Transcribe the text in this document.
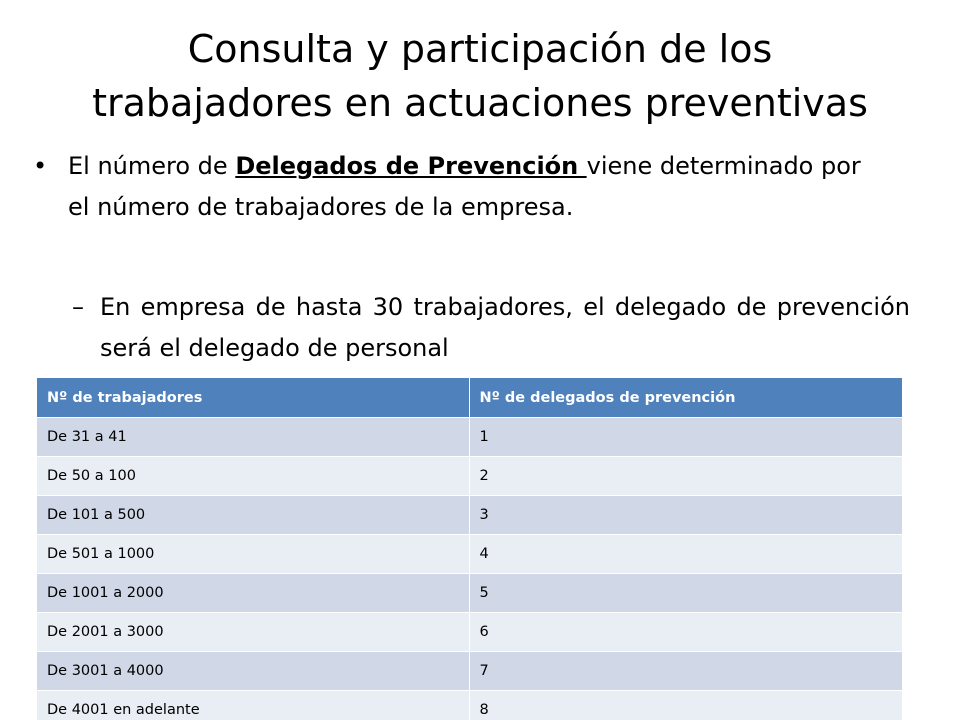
Consulta y participación de los
trabajadores en actuaciones preventivas
• El número de Delegados de Prevención viene determinado por el número de trabajadores de la empresa.
– En empresa de hasta 30 trabajadores, el delegado de prevención será el delegado de personal
Nº de trabajadores	Nº de delegados de prevención
De 31 a 41	1
De 50 a 100	2
De 101 a 500	3
De 501 a 1000	4
De 1001 a 2000	5
De 2001 a 3000	6
De 3001 a 4000	7
De 4001 en adelante	8
